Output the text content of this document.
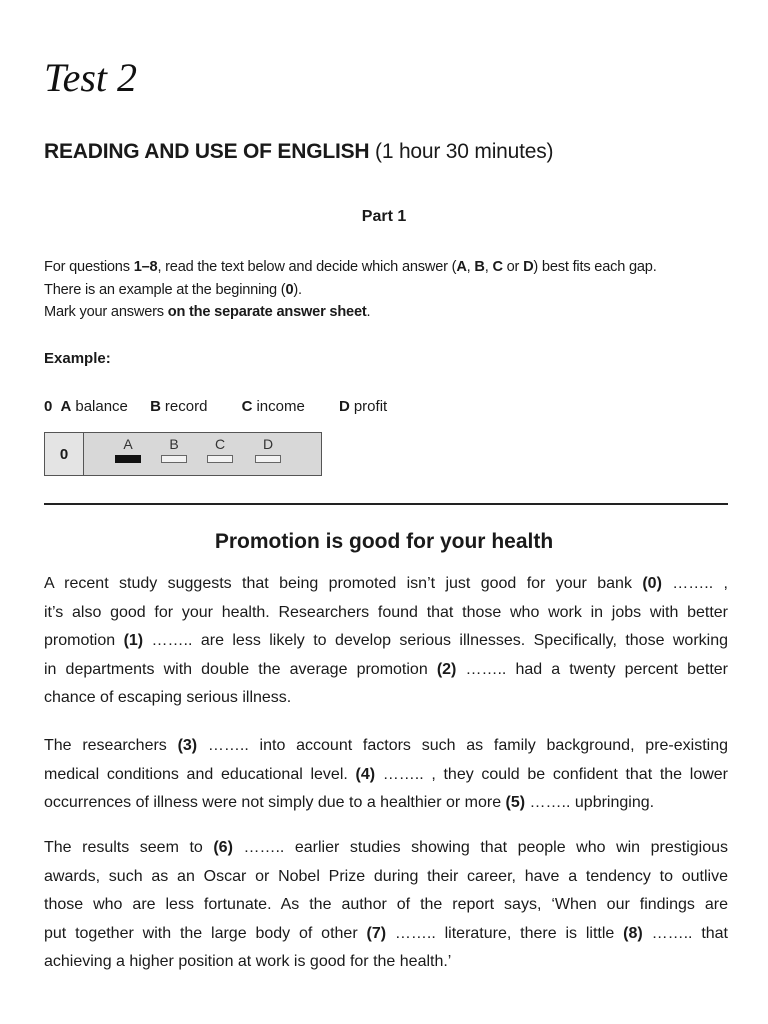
Test 2
READING AND USE OF ENGLISH (1 hour 30 minutes)
Part 1
For questions 1–8, read the text below and decide which answer (A, B, C or D) best fits each gap.
There is an example at the beginning (0).
Mark your answers on the separate answer sheet.
Example:
0 A balance B record C income D profit
0
A	B	C	D
Promotion is good for your health
A recent study suggests that being promoted isn’t just good for your bank (0) …….. ,
it’s also good for your health. Researchers found that those who work in jobs with better
promotion (1) …….. are less likely to develop serious illnesses. Specifically, those working
in departments with double the average promotion (2) …….. had a twenty percent better
chance of escaping serious illness.
The researchers (3) …….. into account factors such as family background, pre-existing
medical conditions and educational level. (4) …….. , they could be confident that the lower
occurrences of illness were not simply due to a healthier or more (5) …….. upbringing.
The results seem to (6) …….. earlier studies showing that people who win prestigious
awards, such as an Oscar or Nobel Prize during their career, have a tendency to outlive
those who are less fortunate. As the author of the report says, ‘When our findings are
put together with the large body of other (7) …….. literature, there is little (8) …….. that
achieving a higher position at work is good for the health.’
